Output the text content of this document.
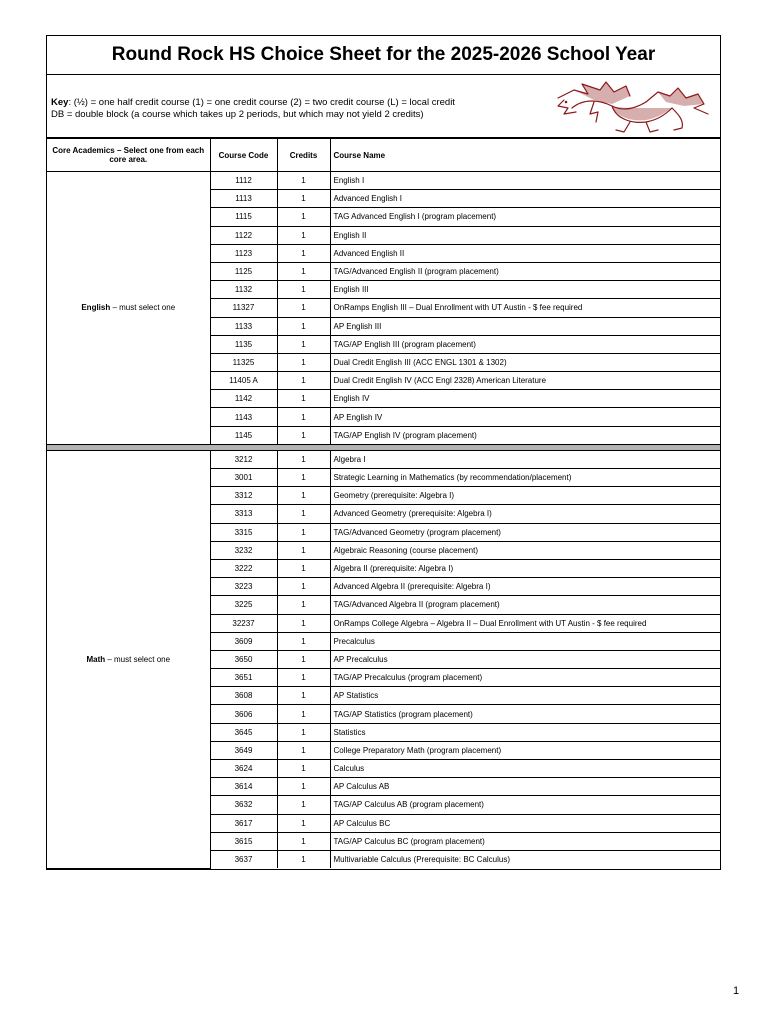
Round Rock HS Choice Sheet for the 2025-2026 School Year
Key: (½) = one half credit course (1) = one credit course (2) = two credit course (L) = local credit
DB = double block (a course which takes up 2 periods, but which may not yield 2 credits)
Core Academics – Select one from each core area.	Course Code	Credits	Course Name
English – must select one	1112	1	English I
	1113	1	Advanced English I
	1115	1	TAG Advanced English I (program placement)
	1122	1	English II
	1123	1	Advanced English II
	1125	1	TAG/Advanced English II (program placement)
	1132	1	English III
	11327	1	OnRamps English III – Dual Enrollment with UT Austin - $ fee required
	1133	1	AP English III
	1135	1	TAG/AP English III (program placement)
	11325	1	Dual Credit English III (ACC ENGL 1301 & 1302)
	11405 A	1	Dual Credit English IV (ACC Engl 2328) American Literature
	1142	1	English IV
	1143	1	AP English IV
	1145	1	TAG/AP English IV (program placement)

Math – must select one	3212	1	Algebra I
	3001	1	Strategic Learning in Mathematics (by recommendation/placement)
	3312	1	Geometry (prerequisite: Algebra I)
	3313	1	Advanced Geometry (prerequisite: Algebra I)
	3315	1	TAG/Advanced Geometry (program placement)
	3232	1	Algebraic Reasoning (course placement)
	3222	1	Algebra II (prerequisite: Algebra I)
	3223	1	Advanced Algebra II (prerequisite: Algebra I)
	3225	1	TAG/Advanced Algebra II (program placement)
	32237	1	OnRamps College Algebra – Algebra II – Dual Enrollment with UT Austin - $ fee required
	3609	1	Precalculus
	3650	1	AP Precalculus
	3651	1	TAG/AP Precalculus (program placement)
	3608	1	AP Statistics
	3606	1	TAG/AP Statistics (program placement)
	3645	1	Statistics
	3649	1	College Preparatory Math (program placement)
	3624	1	Calculus
	3614	1	AP Calculus AB
	3632	1	TAG/AP Calculus AB (program placement)
	3617	1	AP Calculus BC
	3615	1	TAG/AP Calculus BC (program placement)
	3637	1	Multivariable Calculus (Prerequisite: BC Calculus)
1
